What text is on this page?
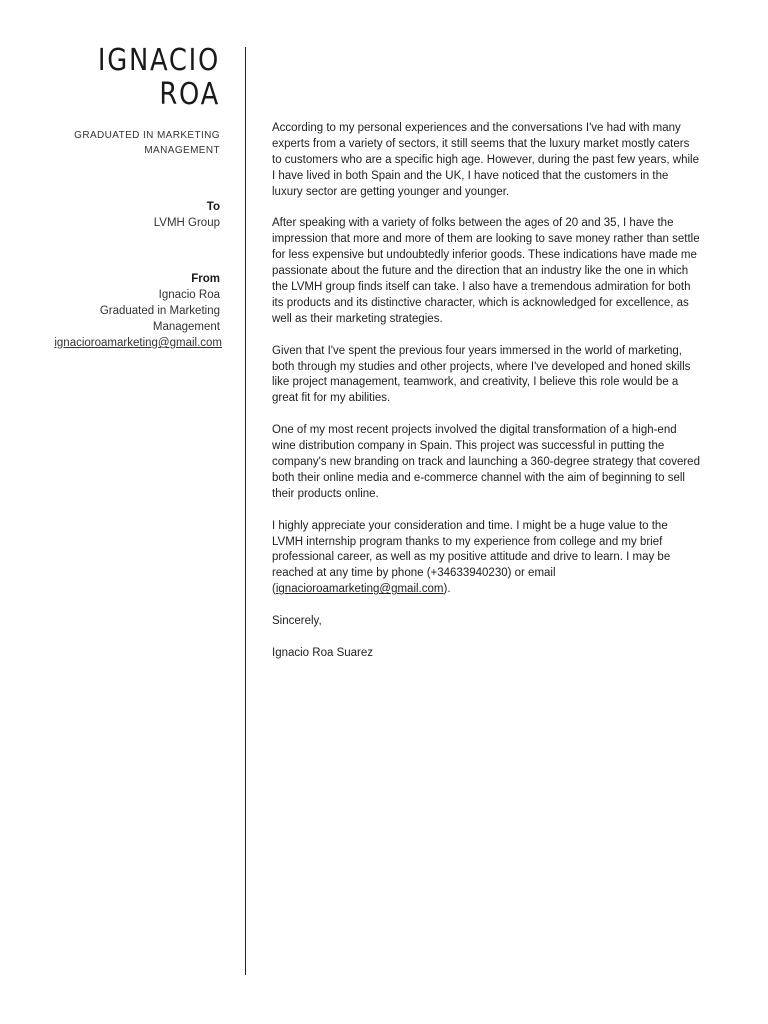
IGNACIO
ROA
GRADUATED IN MARKETING
MANAGEMENT
To
LVMH Group
From
Ignacio Roa
Graduated in Marketing
Management
ignacioroamarketing@gmail.com

According to my personal experiences and the conversations I've had with many experts from a variety of sectors, it still seems that the luxury market mostly caters to customers who are a specific high age. However, during the past few years, while I have lived in both Spain and the UK, I have noticed that the customers in the luxury sector are getting younger and younger.

After speaking with a variety of folks between the ages of 20 and 35, I have the impression that more and more of them are looking to save money rather than settle for less expensive but undoubtedly inferior goods. These indications have made me passionate about the future and the direction that an industry like the one in which the LVMH group finds itself can take. I also have a tremendous admiration for both its products and its distinctive character, which is acknowledged for excellence, as well as their marketing strategies.

Given that I've spent the previous four years immersed in the world of marketing, both through my studies and other projects, where I've developed and honed skills like project management, teamwork, and creativity, I believe this role would be a great fit for my abilities.

One of my most recent projects involved the digital transformation of a high-end wine distribution company in Spain. This project was successful in putting the company's new branding on track and launching a 360-degree strategy that covered both their online media and e-commerce channel with the aim of beginning to sell their products online.

I highly appreciate your consideration and time. I might be a huge value to the LVMH internship program thanks to my experience from college and my brief professional career, as well as my positive attitude and drive to learn. I may be reached at any time by phone (+34633940230) or email (ignacioroamarketing@gmail.com).

Sincerely,

Ignacio Roa Suarez
